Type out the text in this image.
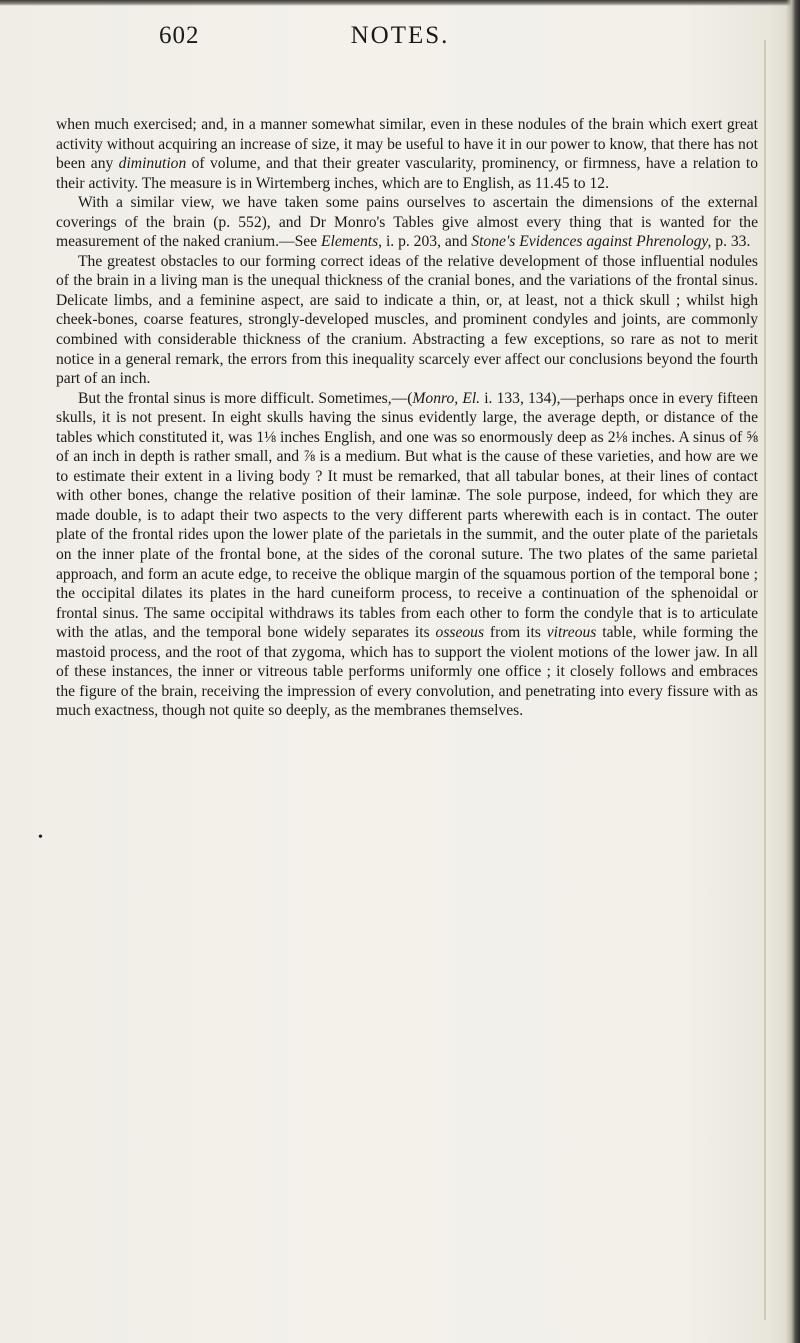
602	NOTES.
•

when much exercised; and, in a manner somewhat similar, even in these nodules of the brain which exert great activity without acquiring an increase of size, it may be useful to have it in our power to know, that there has not been any diminution of volume, and that their greater vascularity, prominency, or firmness, have a relation to their activity. The measure is in Wirtemberg inches, which are to English, as 11.45 to 12.

With a similar view, we have taken some pains ourselves to ascertain the dimensions of the external coverings of the brain (p. 552), and Dr Monro's Tables give almost every thing that is wanted for the measurement of the naked cranium.—See Elements, i. p. 203, and Stone's Evidences against Phrenology, p. 33.

The greatest obstacles to our forming correct ideas of the relative development of those influential nodules of the brain in a living man is the unequal thickness of the cranial bones, and the variations of the frontal sinus. Delicate limbs, and a feminine aspect, are said to indicate a thin, or, at least, not a thick skull ; whilst high cheek-bones, coarse features, strongly-developed muscles, and prominent condyles and joints, are commonly combined with considerable thickness of the cranium. Abstracting a few exceptions, so rare as not to merit notice in a general remark, the errors from this inequality scarcely ever affect our conclusions beyond the fourth part of an inch.

But the frontal sinus is more difficult. Sometimes,—(Monro, El. i. 133, 134),—perhaps once in every fifteen skulls, it is not present. In eight skulls having the sinus evidently large, the average depth, or distance of the tables which constituted it, was 1⅛ inches English, and one was so enormously deep as 2⅛ inches. A sinus of ⅝ of an inch in depth is rather small, and ⅞ is a medium. But what is the cause of these varieties, and how are we to estimate their extent in a living body ? It must be remarked, that all tabular bones, at their lines of contact with other bones, change the relative position of their laminæ. The sole purpose, indeed, for which they are made double, is to adapt their two aspects to the very different parts wherewith each is in contact. The outer plate of the frontal rides upon the lower plate of the parietals in the summit, and the outer plate of the parietals on the inner plate of the frontal bone, at the sides of the coronal suture. The two plates of the same parietal approach, and form an acute edge, to receive the oblique margin of the squamous portion of the temporal bone ; the occipital dilates its plates in the hard cuneiform process, to receive a continuation of the sphenoidal or frontal sinus. The same occipital withdraws its tables from each other to form the condyle that is to articulate with the atlas, and the temporal bone widely separates its osseous from its vitreous table, while forming the mastoid process, and the root of that zygoma, which has to support the violent motions of the lower jaw. In all of these instances, the inner or vitreous table performs uniformly one office ; it closely follows and embraces the figure of the brain, receiving the impression of every convolution, and penetrating into every fissure with as much exactness, though not quite so deeply, as the membranes themselves.
